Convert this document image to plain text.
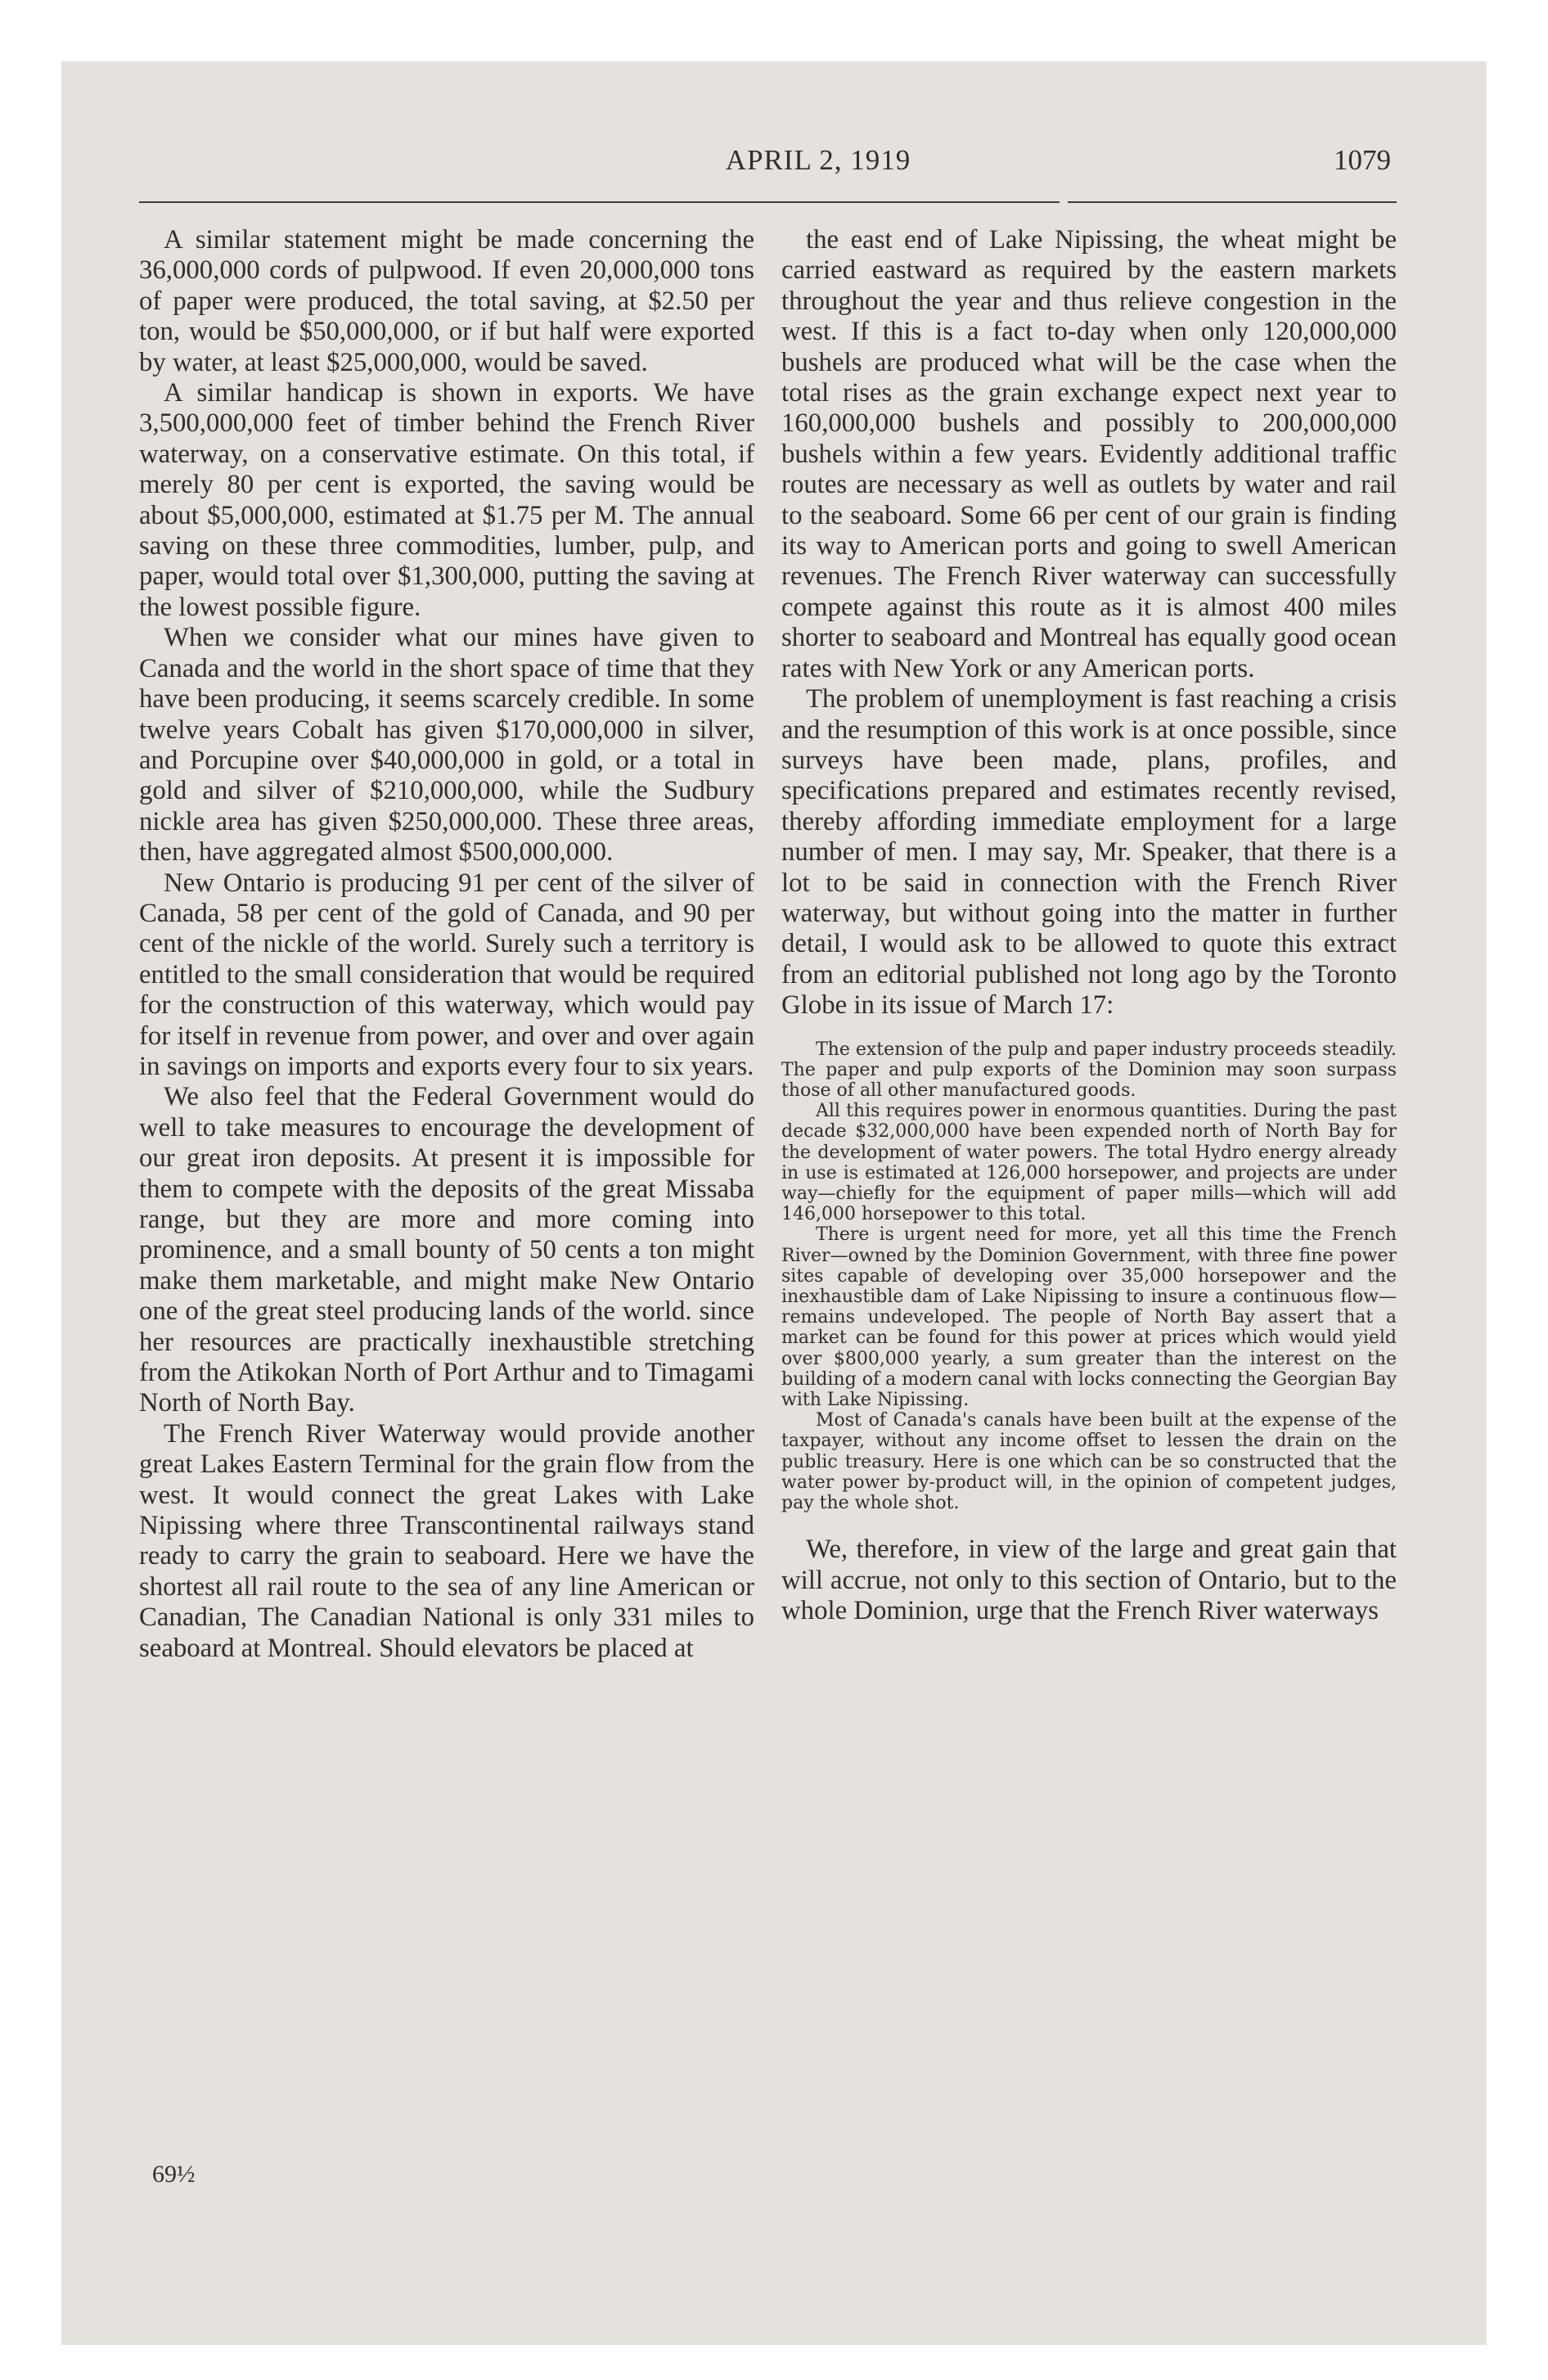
APRIL 2, 1919	1079

A similar statement might be made concerning the 36,000,000 cords of pulpwood. If even 20,000,000 tons of paper were produced, the total saving, at $2.50 per ton, would be $50,000,000, or if but half were exported by water, at least $25,000,000, would be saved.

A similar handicap is shown in exports. We have 3,500,000,000 feet of timber behind the French River waterway, on a conservative estimate. On this total, if merely 80 per cent is exported, the saving would be about $5,000,000, estimated at $1.75 per M. The annual saving on these three commodities, lumber, pulp, and paper, would total over $1,300,000, putting the saving at the lowest possible figure.

When we consider what our mines have given to Canada and the world in the short space of time that they have been producing, it seems scarcely credible. In some twelve years Cobalt has given $170,000,000 in silver, and Porcupine over $40,000,000 in gold, or a total in gold and silver of $210,000,000, while the Sudbury nickle area has given $250,000,000. These three areas, then, have aggregated almost $500,000,000.

New Ontario is producing 91 per cent of the silver of Canada, 58 per cent of the gold of Canada, and 90 per cent of the nickle of the world. Surely such a territory is entitled to the small consideration that would be required for the construction of this waterway, which would pay for itself in revenue from power, and over and over again in savings on imports and exports every four to six years.

We also feel that the Federal Government would do well to take measures to encourage the development of our great iron deposits. At present it is impossible for them to compete with the deposits of the great Missaba range, but they are more and more coming into prominence, and a small bounty of 50 cents a ton might make them marketable, and might make New Ontario one of the great steel producing lands of the world. since her resources are practically inexhaustible stretching from the Atikokan North of Port Arthur and to Timagami North of North Bay.

The French River Waterway would provide another great Lakes Eastern Terminal for the grain flow from the west. It would connect the great Lakes with Lake Nipissing where three Transcontinental railways stand ready to carry the grain to seaboard. Here we have the shortest all rail route to the sea of any line American or Canadian, The Canadian National is only 331 miles to seaboard at Montreal. Should elevators be placed at

the east end of Lake Nipissing, the wheat might be carried eastward as required by the eastern markets throughout the year and thus relieve congestion in the west. If this is a fact to-day when only 120,000,000 bushels are produced what will be the case when the total rises as the grain exchange expect next year to 160,000,000 bushels and possibly to 200,000,000 bushels within a few years. Evidently additional traffic routes are necessary as well as outlets by water and rail to the seaboard. Some 66 per cent of our grain is finding its way to American ports and going to swell American revenues. The French River waterway can successfully compete against this route as it is almost 400 miles shorter to seaboard and Montreal has equally good ocean rates with New York or any American ports.

The problem of unemployment is fast reaching a crisis and the resumption of this work is at once possible, since surveys have been made, plans, profiles, and specifications prepared and estimates recently revised, thereby affording immediate employment for a large number of men. I may say, Mr. Speaker, that there is a lot to be said in connection with the French River waterway, but without going into the matter in further detail, I would ask to be allowed to quote this extract from an editorial published not long ago by the Toronto Globe in its issue of March 17:

The extension of the pulp and paper industry proceeds steadily. The paper and pulp exports of the Dominion may soon surpass those of all other manufactured goods.

All this requires power in enormous quantities. During the past decade $32,000,000 have been expended north of North Bay for the development of water powers. The total Hydro energy already in use is estimated at 126,000 horsepower, and projects are under way—chiefly for the equipment of paper mills—which will add 146,000 horsepower to this total.

There is urgent need for more, yet all this time the French River—owned by the Dominion Government, with three fine power sites capable of developing over 35,000 horsepower and the inexhaustible dam of Lake Nipissing to insure a continuous flow—remains undeveloped. The people of North Bay assert that a market can be found for this power at prices which would yield over $800,000 yearly, a sum greater than the interest on the building of a modern canal with locks connecting the Georgian Bay with Lake Nipissing.

Most of Canada's canals have been built at the expense of the taxpayer, without any income offset to lessen the drain on the public treasury. Here is one which can be so constructed that the water power by-product will, in the opinion of competent judges, pay the whole shot.

We, therefore, in view of the large and great gain that will accrue, not only to this section of Ontario, but to the whole Dominion, urge that the French River waterways

69½
